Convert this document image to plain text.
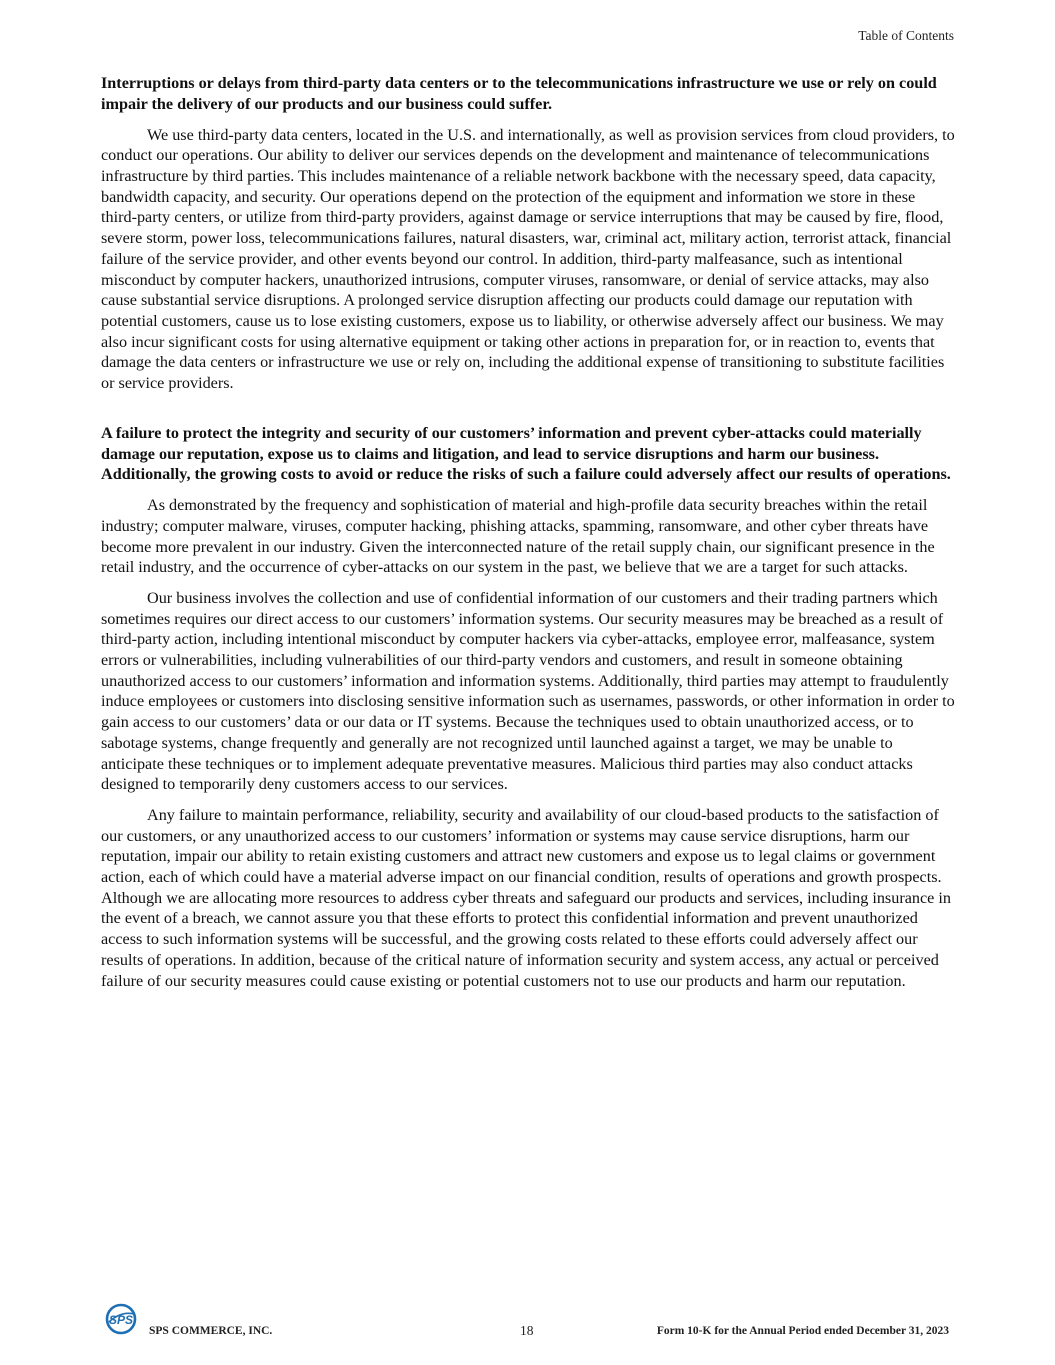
Table of Contents

Interruptions or delays from third-party data centers or to the telecommunications infrastructure we use or rely on could impair the delivery of our products and our business could suffer.

We use third-party data centers, located in the U.S. and internationally, as well as provision services from cloud providers, to conduct our operations. Our ability to deliver our services depends on the development and maintenance of telecommunications infrastructure by third parties. This includes maintenance of a reliable network backbone with the necessary speed, data capacity, bandwidth capacity, and security. Our operations depend on the protection of the equipment and information we store in these third-party centers, or utilize from third-party providers, against damage or service interruptions that may be caused by fire, flood, severe storm, power loss, telecommunications failures, natural disasters, war, criminal act, military action, terrorist attack, financial failure of the service provider, and other events beyond our control. In addition, third-party malfeasance, such as intentional misconduct by computer hackers, unauthorized intrusions, computer viruses, ransomware, or denial of service attacks, may also cause substantial service disruptions. A prolonged service disruption affecting our products could damage our reputation with potential customers, cause us to lose existing customers, expose us to liability, or otherwise adversely affect our business. We may also incur significant costs for using alternative equipment or taking other actions in preparation for, or in reaction to, events that damage the data centers or infrastructure we use or rely on, including the additional expense of transitioning to substitute facilities or service providers.

A failure to protect the integrity and security of our customers’ information and prevent cyber-attacks could materially damage our reputation, expose us to claims and litigation, and lead to service disruptions and harm our business. Additionally, the growing costs to avoid or reduce the risks of such a failure could adversely affect our results of operations.

As demonstrated by the frequency and sophistication of material and high-profile data security breaches within the retail industry; computer malware, viruses, computer hacking, phishing attacks, spamming, ransomware, and other cyber threats have become more prevalent in our industry. Given the interconnected nature of the retail supply chain, our significant presence in the retail industry, and the occurrence of cyber-attacks on our system in the past, we believe that we are a target for such attacks.

Our business involves the collection and use of confidential information of our customers and their trading partners which sometimes requires our direct access to our customers’ information systems. Our security measures may be breached as a result of third-party action, including intentional misconduct by computer hackers via cyber-attacks, employee error, malfeasance, system errors or vulnerabilities, including vulnerabilities of our third-party vendors and customers, and result in someone obtaining unauthorized access to our customers’ information and information systems. Additionally, third parties may attempt to fraudulently induce employees or customers into disclosing sensitive information such as usernames, passwords, or other information in order to gain access to our customers’ data or our data or IT systems. Because the techniques used to obtain unauthorized access, or to sabotage systems, change frequently and generally are not recognized until launched against a target, we may be unable to anticipate these techniques or to implement adequate preventative measures. Malicious third parties may also conduct attacks designed to temporarily deny customers access to our services.

Any failure to maintain performance, reliability, security and availability of our cloud-based products to the satisfaction of our customers, or any unauthorized access to our customers’ information or systems may cause service disruptions, harm our reputation, impair our ability to retain existing customers and attract new customers and expose us to legal claims or government action, each of which could have a material adverse impact on our financial condition, results of operations and growth prospects. Although we are allocating more resources to address cyber threats and safeguard our products and services, including insurance in the event of a breach, we cannot assure you that these efforts to protect this confidential information and prevent unauthorized access to such information systems will be successful, and the growing costs related to these efforts could adversely affect our results of operations. In addition, because of the critical nature of information security and system access, any actual or perceived failure of our security measures could cause existing or potential customers not to use our products and harm our reputation.

SPS
SPS COMMERCE, INC.	18	Form 10-K for the Annual Period ended December 31, 2023
